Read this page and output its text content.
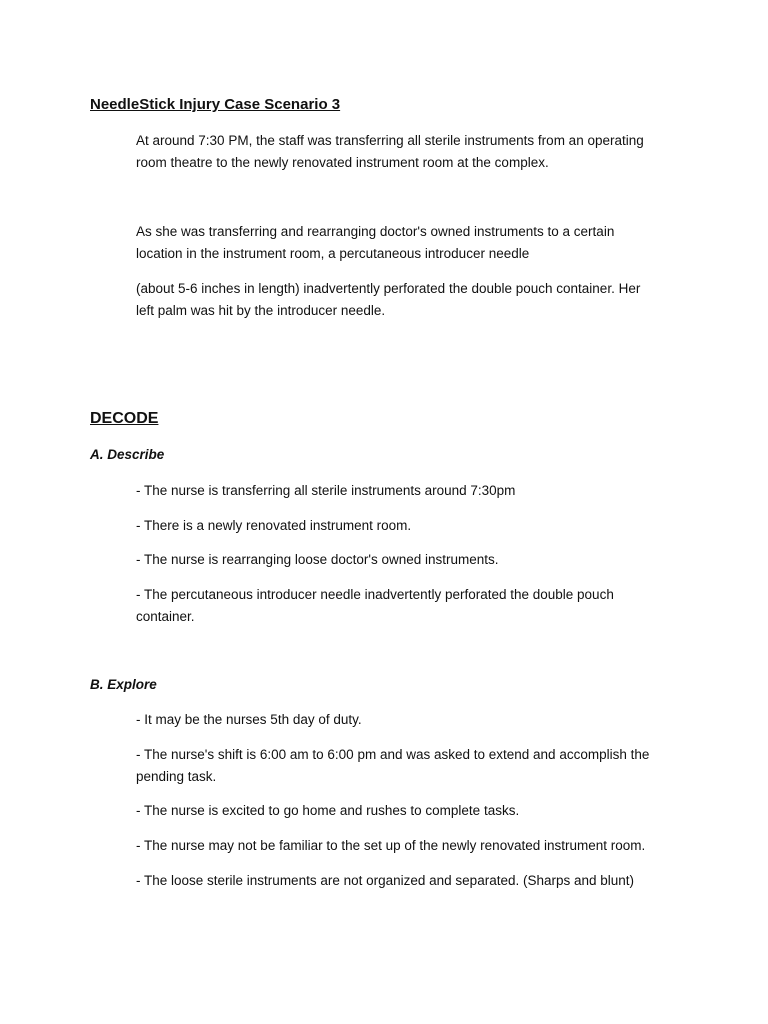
NeedleStick Injury Case Scenario 3

At around 7:30 PM, the staff was transferring all sterile instruments from an operating
room theatre to the newly renovated instrument room at the complex.

As she was transferring and rearranging doctor's owned instruments to a certain
location in the instrument room, a percutaneous introducer needle

(about 5-6 inches in length) inadvertently perforated the double pouch container. Her
left palm was hit by the introducer needle.

DECODE
A. Describe

- The nurse is transferring all sterile instruments around 7:30pm

- There is a newly renovated instrument room.

- The nurse is rearranging loose doctor's owned instruments.

- The percutaneous introducer needle inadvertently perforated the double pouch
container.

B. Explore

- It may be the nurses 5th day of duty.

- The nurse's shift is 6:00 am to 6:00 pm and was asked to extend and accomplish the
pending task.

- The nurse is excited to go home and rushes to complete tasks.

- The nurse may not be familiar to the set up of the newly renovated instrument room.

- The loose sterile instruments are not organized and separated. (Sharps and blunt)
